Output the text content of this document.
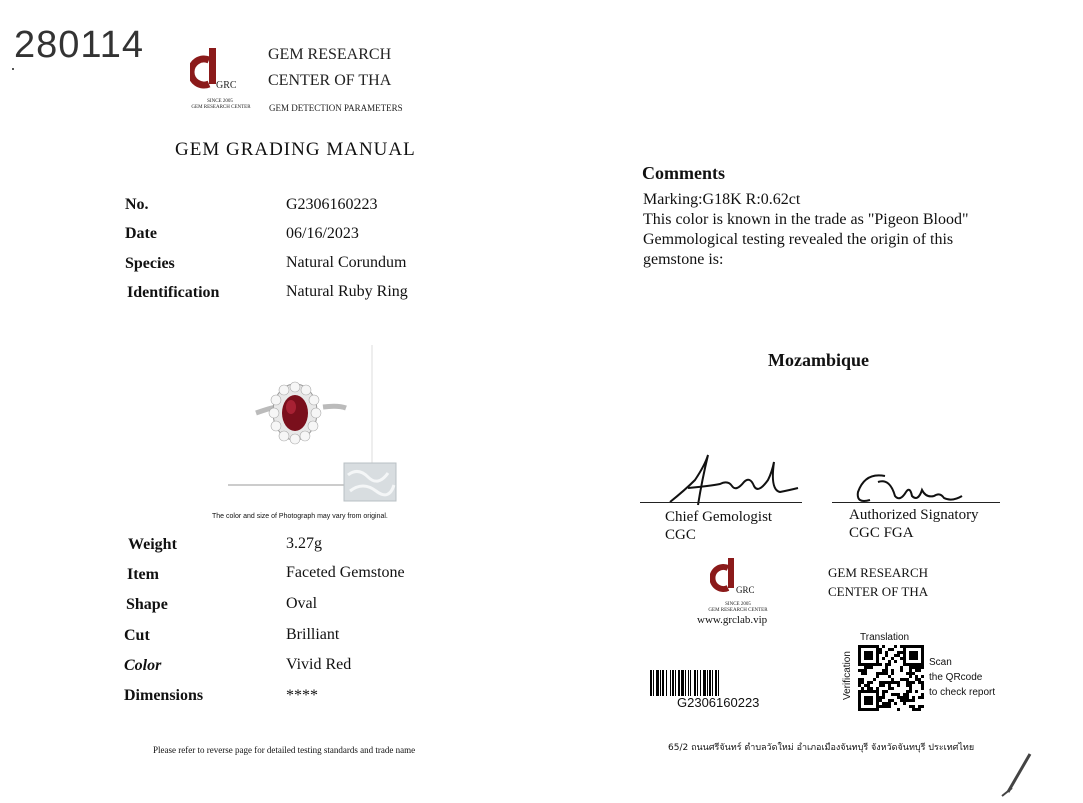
280114
GRC
SINCE 2005
GEM RESEARCH CENTER
GEM RESEARCH
CENTER OF THA
GEM DETECTION PARAMETERS
GEM GRADING MANUAL
No.	G2306160223
Date	06/16/2023
Species	Natural Corundum
Identification	Natural Ruby Ring
The color and size of Photograph may vary from original.
Weight	3.27g
Item	Faceted Gemstone
Shape	Oval
Cut	Brilliant
Color	Vivid Red
Dimensions	****
Please refer to reverse page for detailed testing standards and trade name
Comments
Marking:G18K R:0.62ct
This color is known in the trade as "Pigeon Blood"
Gemmological testing revealed the origin of this
gemstone is:
Mozambique
Chief Gemologist
CGC
Authorized Signatory
CGC FGA
GRC
SINCE 2005
GEM RESEARCH CENTER
www.grclab.vip
GEM RESEARCH
CENTER OF THA
G2306160223
Translation
Verification	Scan
the QRcode
to check report
65/2 ถนนศรีจันทร์ ตำบลวัดใหม่ อำเภอเมืองจันทบุรี จังหวัดจันทบุรี ประเทศไทย
